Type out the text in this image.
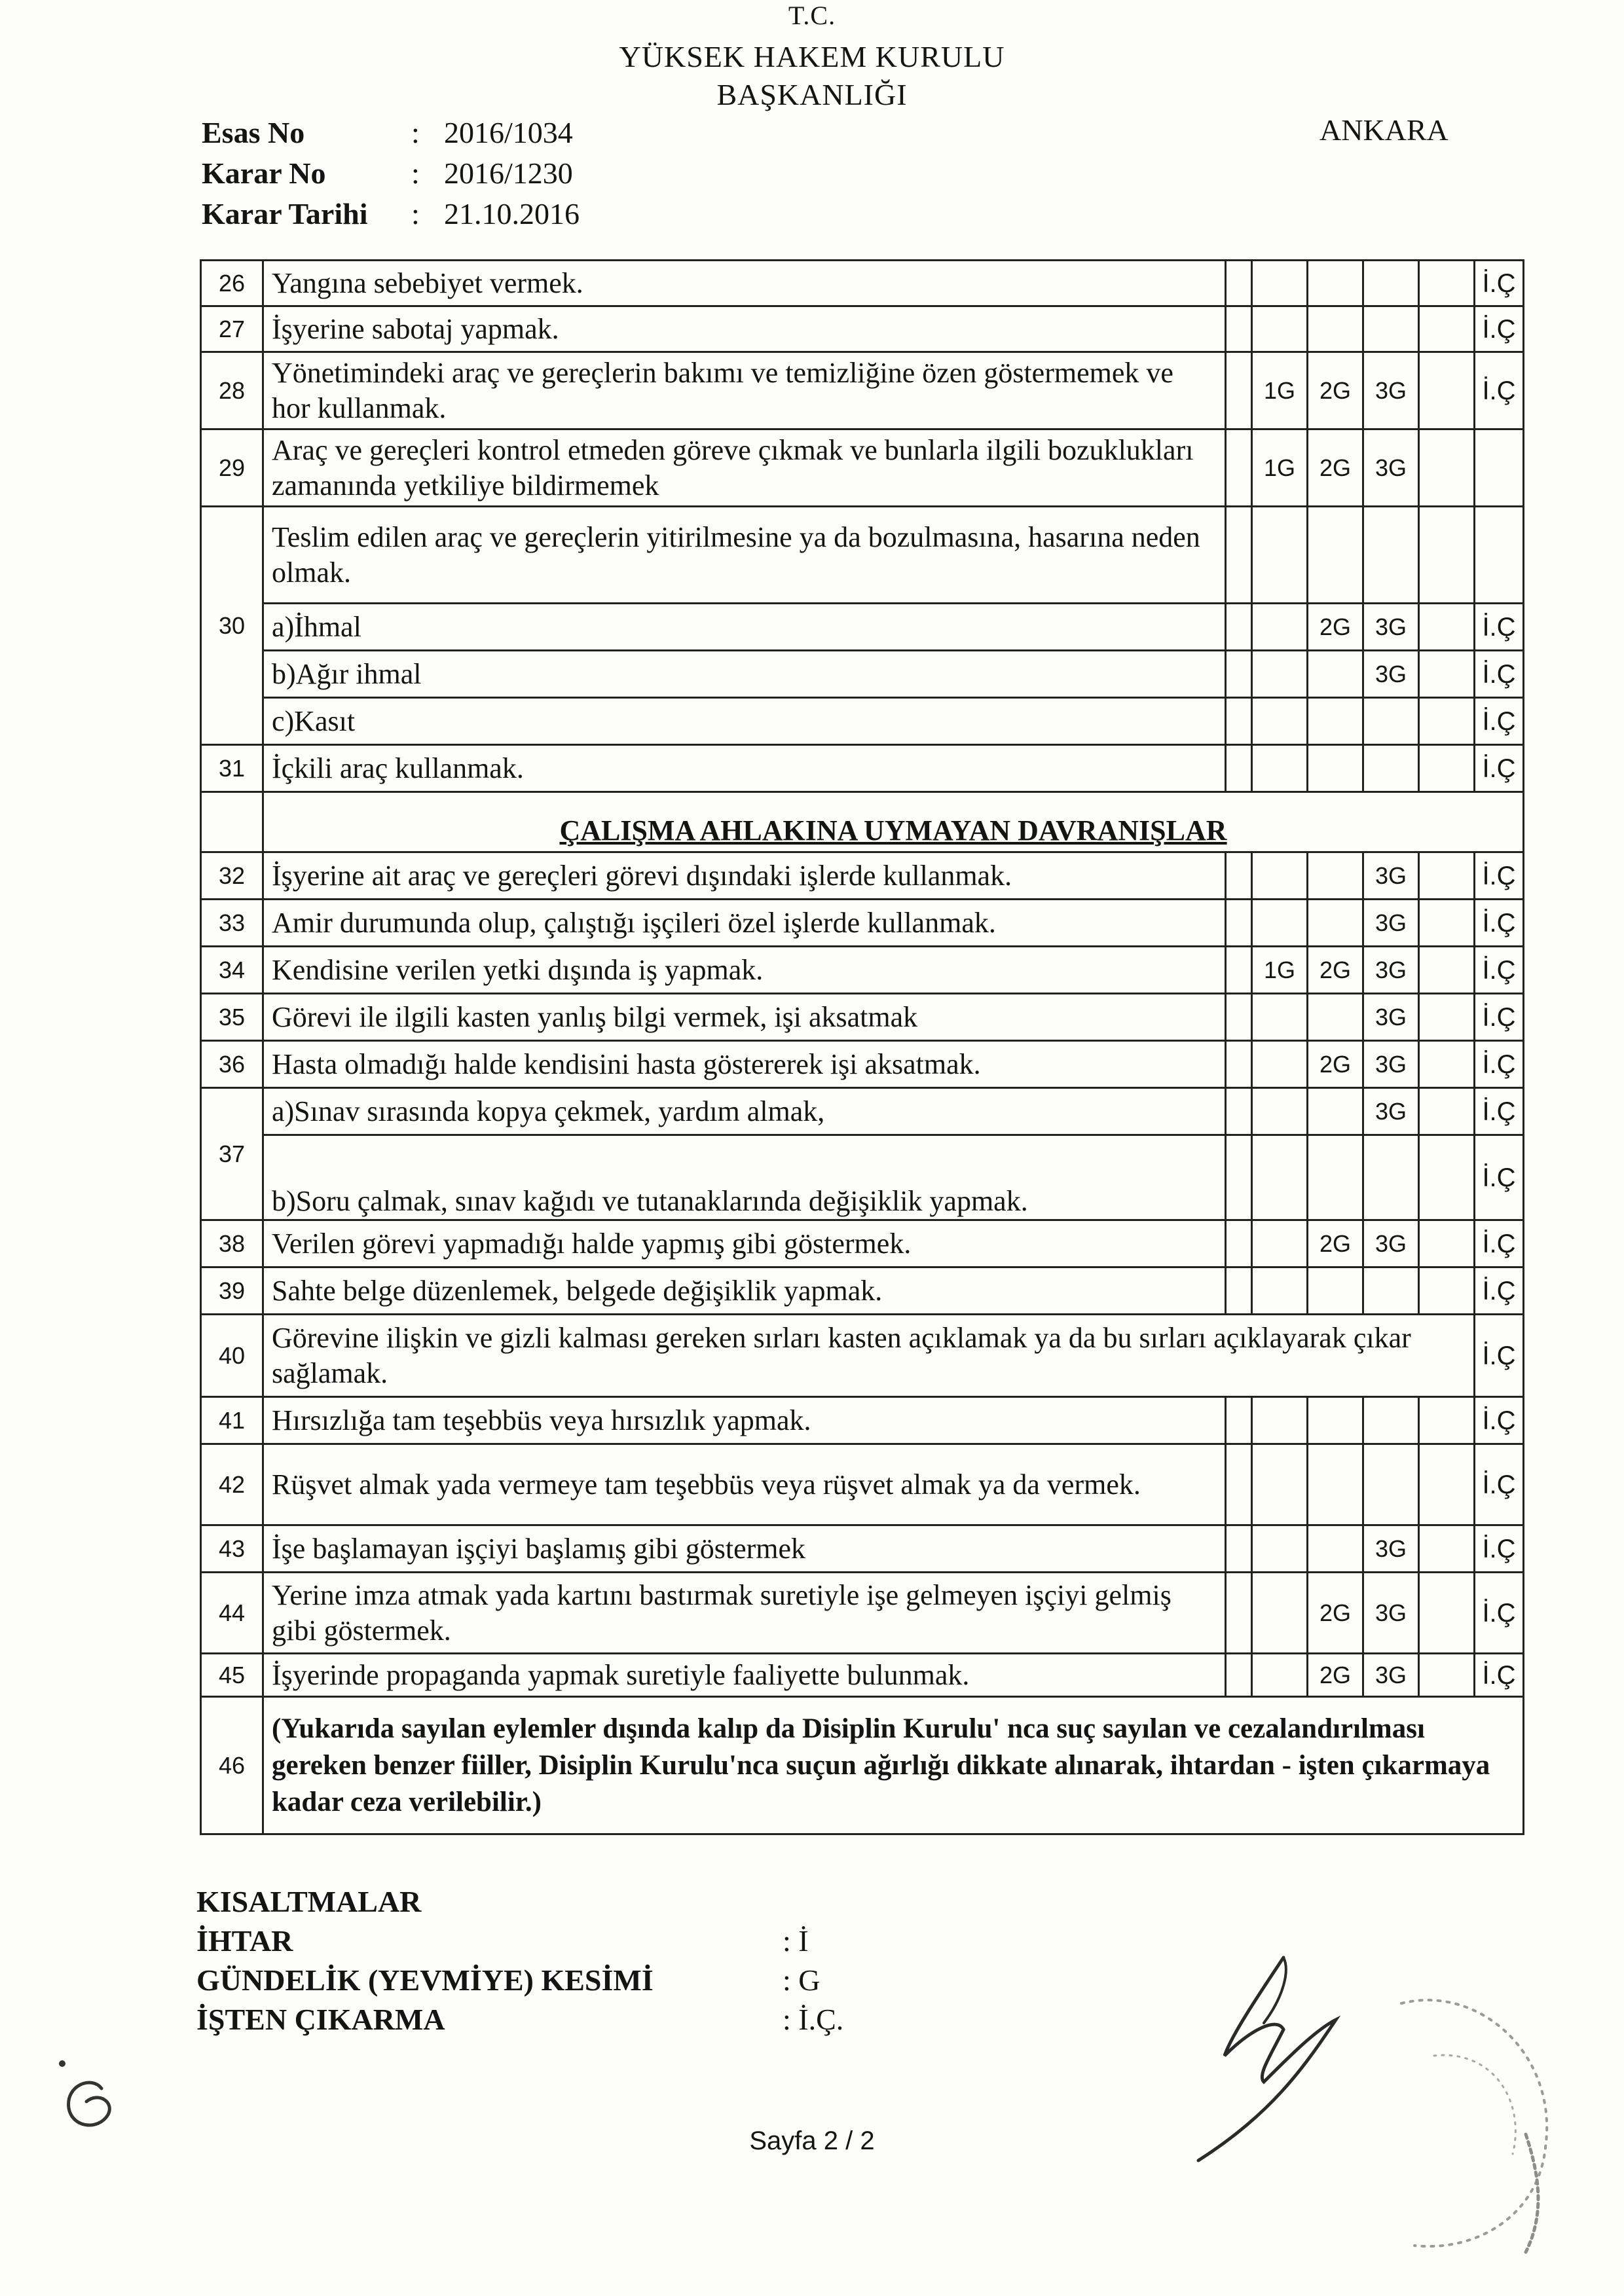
T.C.
YÜKSEK HAKEM KURULU
BAŞKANLIĞI
ANKARA
Esas No	: 2016/1034
Karar No	: 2016/1230
Karar Tarihi : 21.10.2016
26	Yangına sebebiyet vermek.						İ.Ç
27	İşyerine sabotaj yapmak.						İ.Ç
28	Yönetimindeki araç ve gereçlerin bakımı ve temizliğine özen göstermemek ve hor kullanmak.		1G	2G	3G		İ.Ç
29	Araç ve gereçleri kontrol etmeden göreve çıkmak ve bunlarla ilgili bozuklukları zamanında yetkiliye bildirmemek		1G	2G	3G		
30	Teslim edilen araç ve gereçlerin yitirilmesine ya da bozulmasına, hasarına neden olmak.						
	a)İhmal			2G	3G		İ.Ç
	b)Ağır ihmal				3G		İ.Ç
	c)Kasıt						İ.Ç
31	İçkili araç kullanmak.						İ.Ç
	ÇALIŞMA AHLAKINA UYMAYAN DAVRANIŞLAR						
32	İşyerine ait araç ve gereçleri görevi dışındaki işlerde kullanmak.				3G		İ.Ç
33	Amir durumunda olup, çalıştığı işçileri özel işlerde kullanmak.				3G		İ.Ç
34	Kendisine verilen yetki dışında iş yapmak.		1G	2G	3G		İ.Ç
35	Görevi ile ilgili kasten yanlış bilgi vermek, işi aksatmak				3G		İ.Ç
36	Hasta olmadığı halde kendisini hasta göstererek işi aksatmak.			2G	3G		İ.Ç
37	a)Sınav sırasında kopya çekmek, yardım almak,				3G		İ.Ç
	b)Soru çalmak, sınav kağıdı ve tutanaklarında değişiklik yapmak.						İ.Ç
38	Verilen görevi yapmadığı halde yapmış gibi göstermek.			2G	3G		İ.Ç
39	Sahte belge düzenlemek, belgede değişiklik yapmak.						İ.Ç
40	Görevine ilişkin ve gizli kalması gereken sırları kasten açıklamak ya da bu sırları açıklayarak çıkar sağlamak.						İ.Ç
41	Hırsızlığa tam teşebbüs veya hırsızlık yapmak.						İ.Ç
42	Rüşvet almak yada vermeye tam teşebbüs veya rüşvet almak ya da vermek.						İ.Ç
43	İşe başlamayan işçiyi başlamış gibi göstermek				3G		İ.Ç
44	Yerine imza atmak yada kartını bastırmak suretiyle işe gelmeyen işçiyi gelmiş gibi göstermek.			2G	3G		İ.Ç
45	İşyerinde propaganda yapmak suretiyle faaliyette bulunmak.			2G	3G		İ.Ç
46	(Yukarıda sayılan eylemler dışında kalıp da Disiplin Kurulu' nca suç sayılan ve cezalandırılması gereken benzer fiiller, Disiplin Kurulu'nca suçun ağırlığı dikkate alınarak, ihtardan - işten çıkarmaya kadar ceza verilebilir.)						
KISALTMALAR
İHTAR	: İ
GÜNDELİK (YEVMİYE) KESİMİ	: G
İŞTEN ÇIKARMA	: İ.Ç.
Sayfa 2 / 2
